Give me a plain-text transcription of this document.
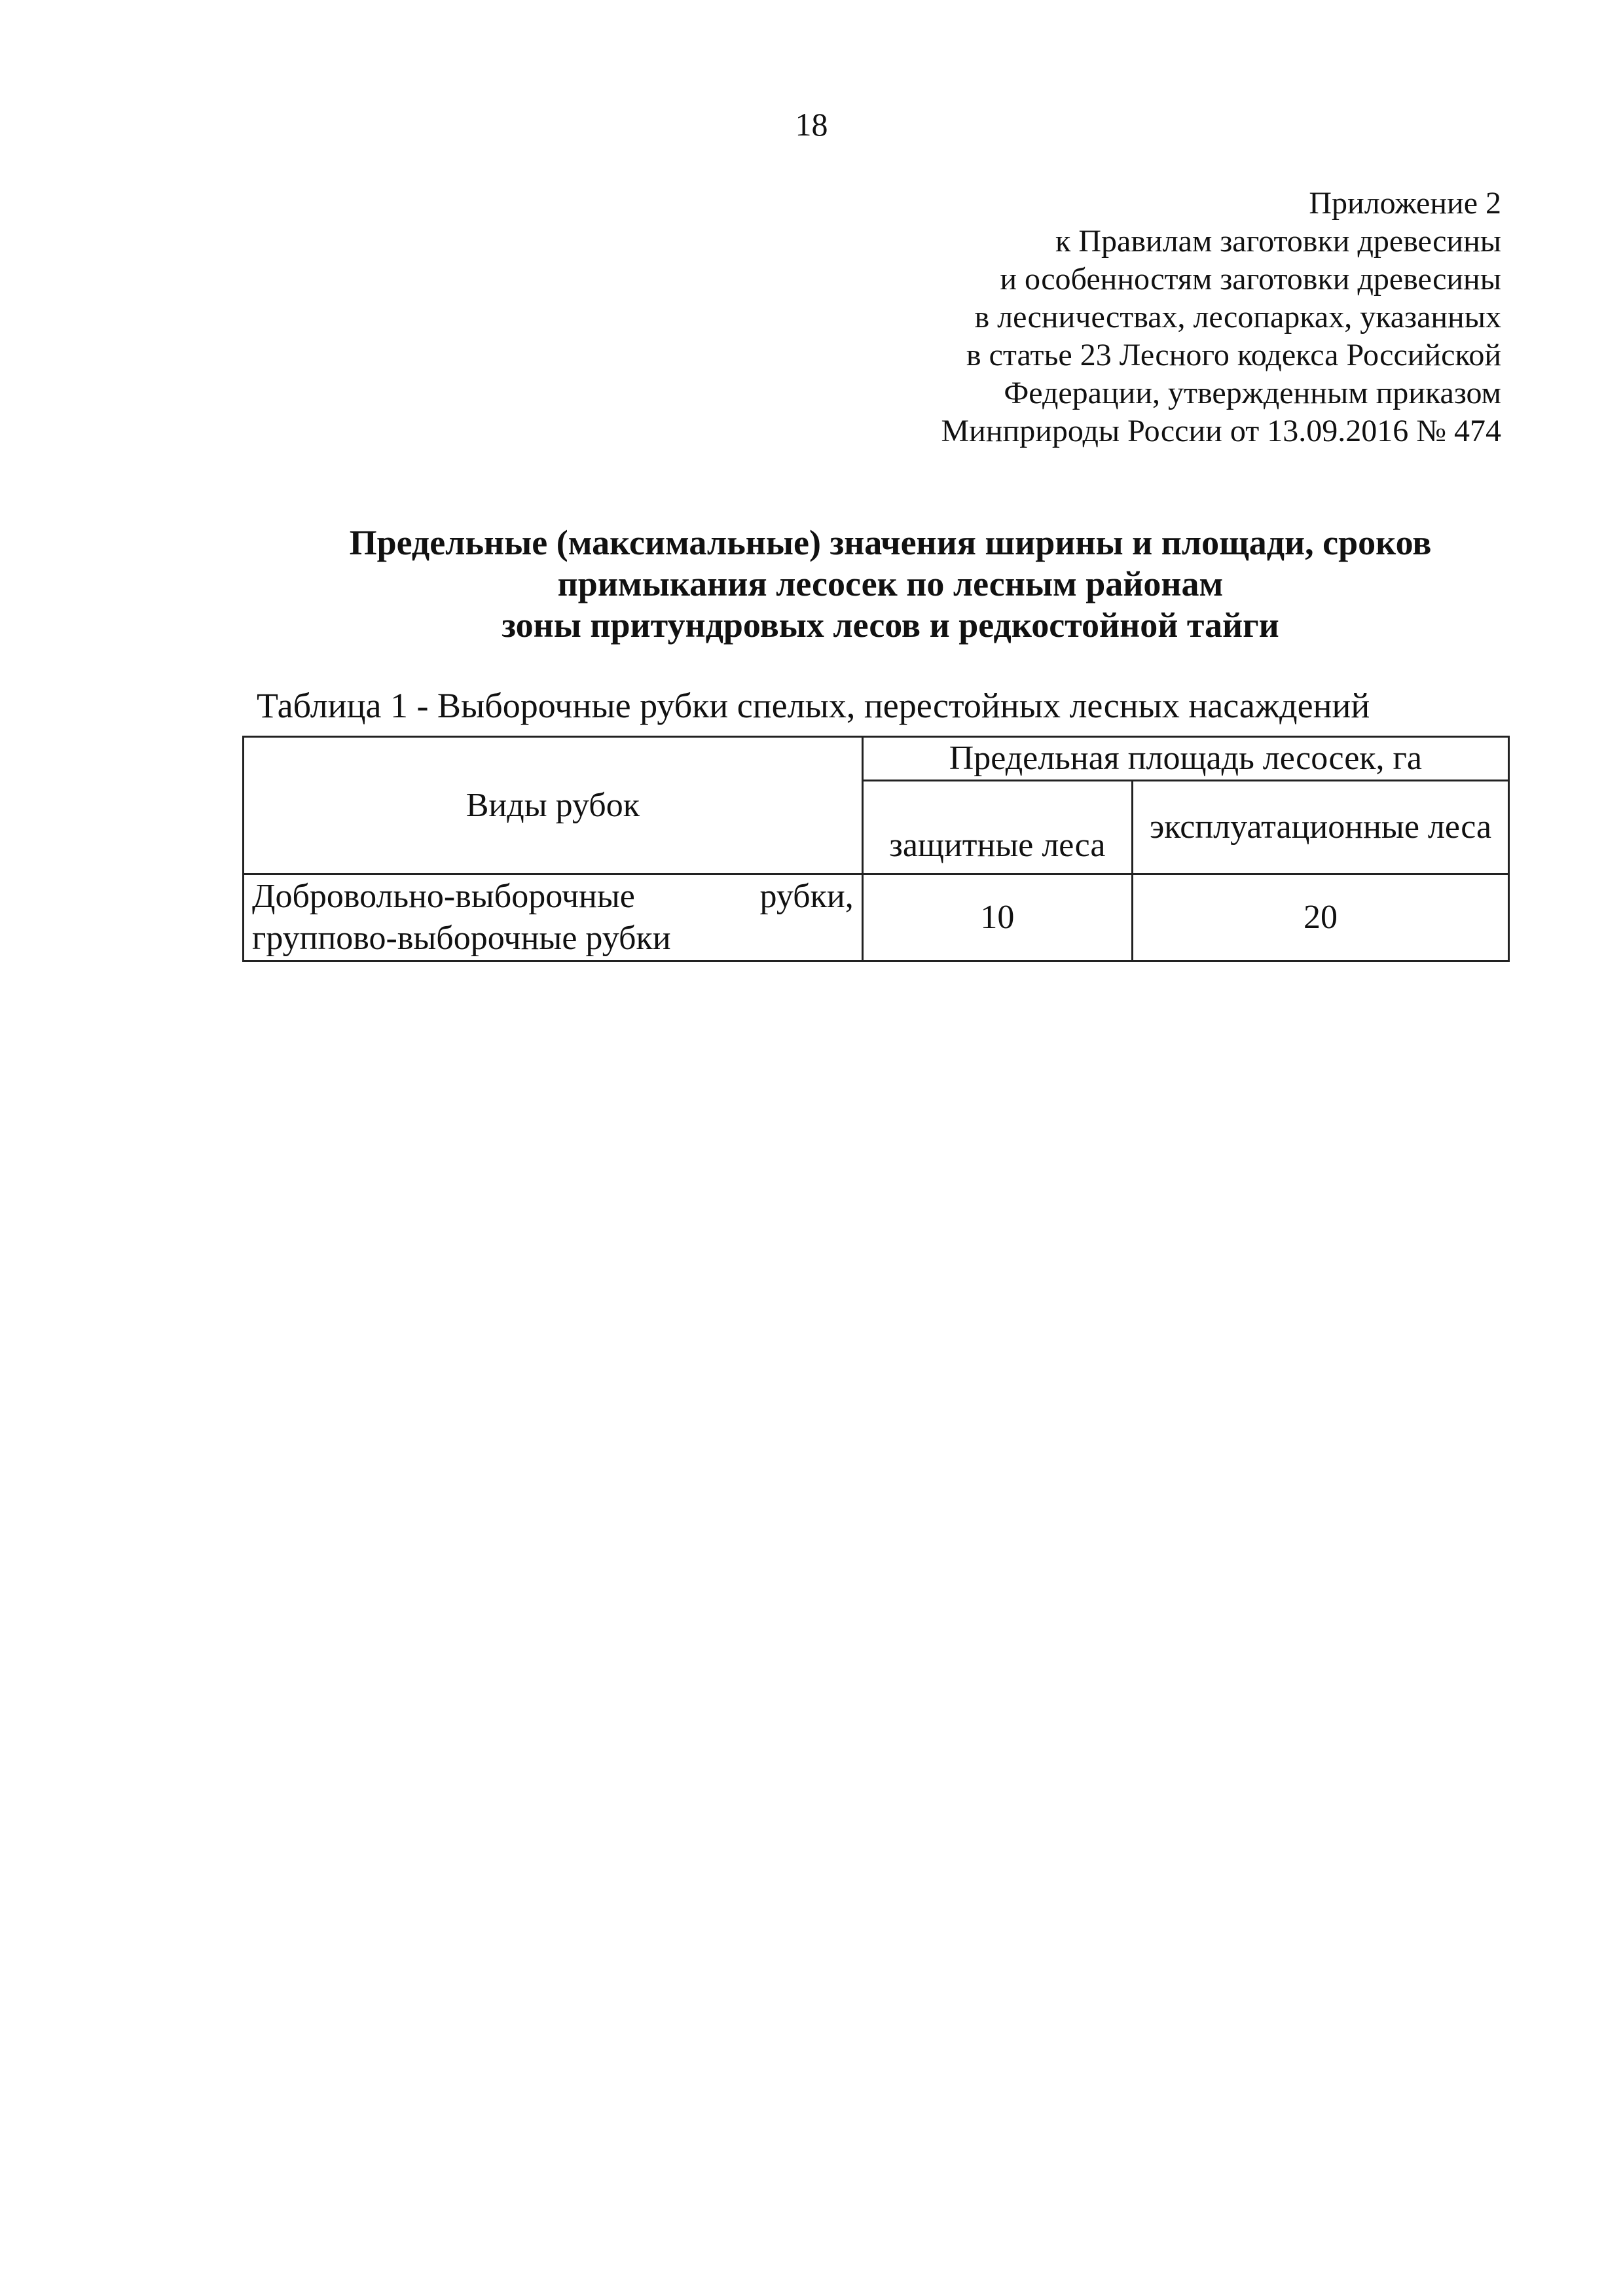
18
Приложение 2
к Правилам заготовки древесины
и особенностям заготовки древесины
в лесничествах, лесопарках, указанных
в статье 23 Лесного кодекса Российской
Федерации, утвержденным приказом
Минприроды России от 13.09.2016 № 474
Предельные (максимальные) значения ширины и площади, сроков
примыкания лесосек по лесным районам
зоны притундровых лесов и редкостойной тайги
Таблица 1 - Выборочные рубки спелых, перестойных лесных насаждений
Виды рубок	Предельная площадь лесосек, га	
	защитные леса	эксплуатационные леса

Добровольно-выборочные рубки,
группово-выборочные рубки	10	20
